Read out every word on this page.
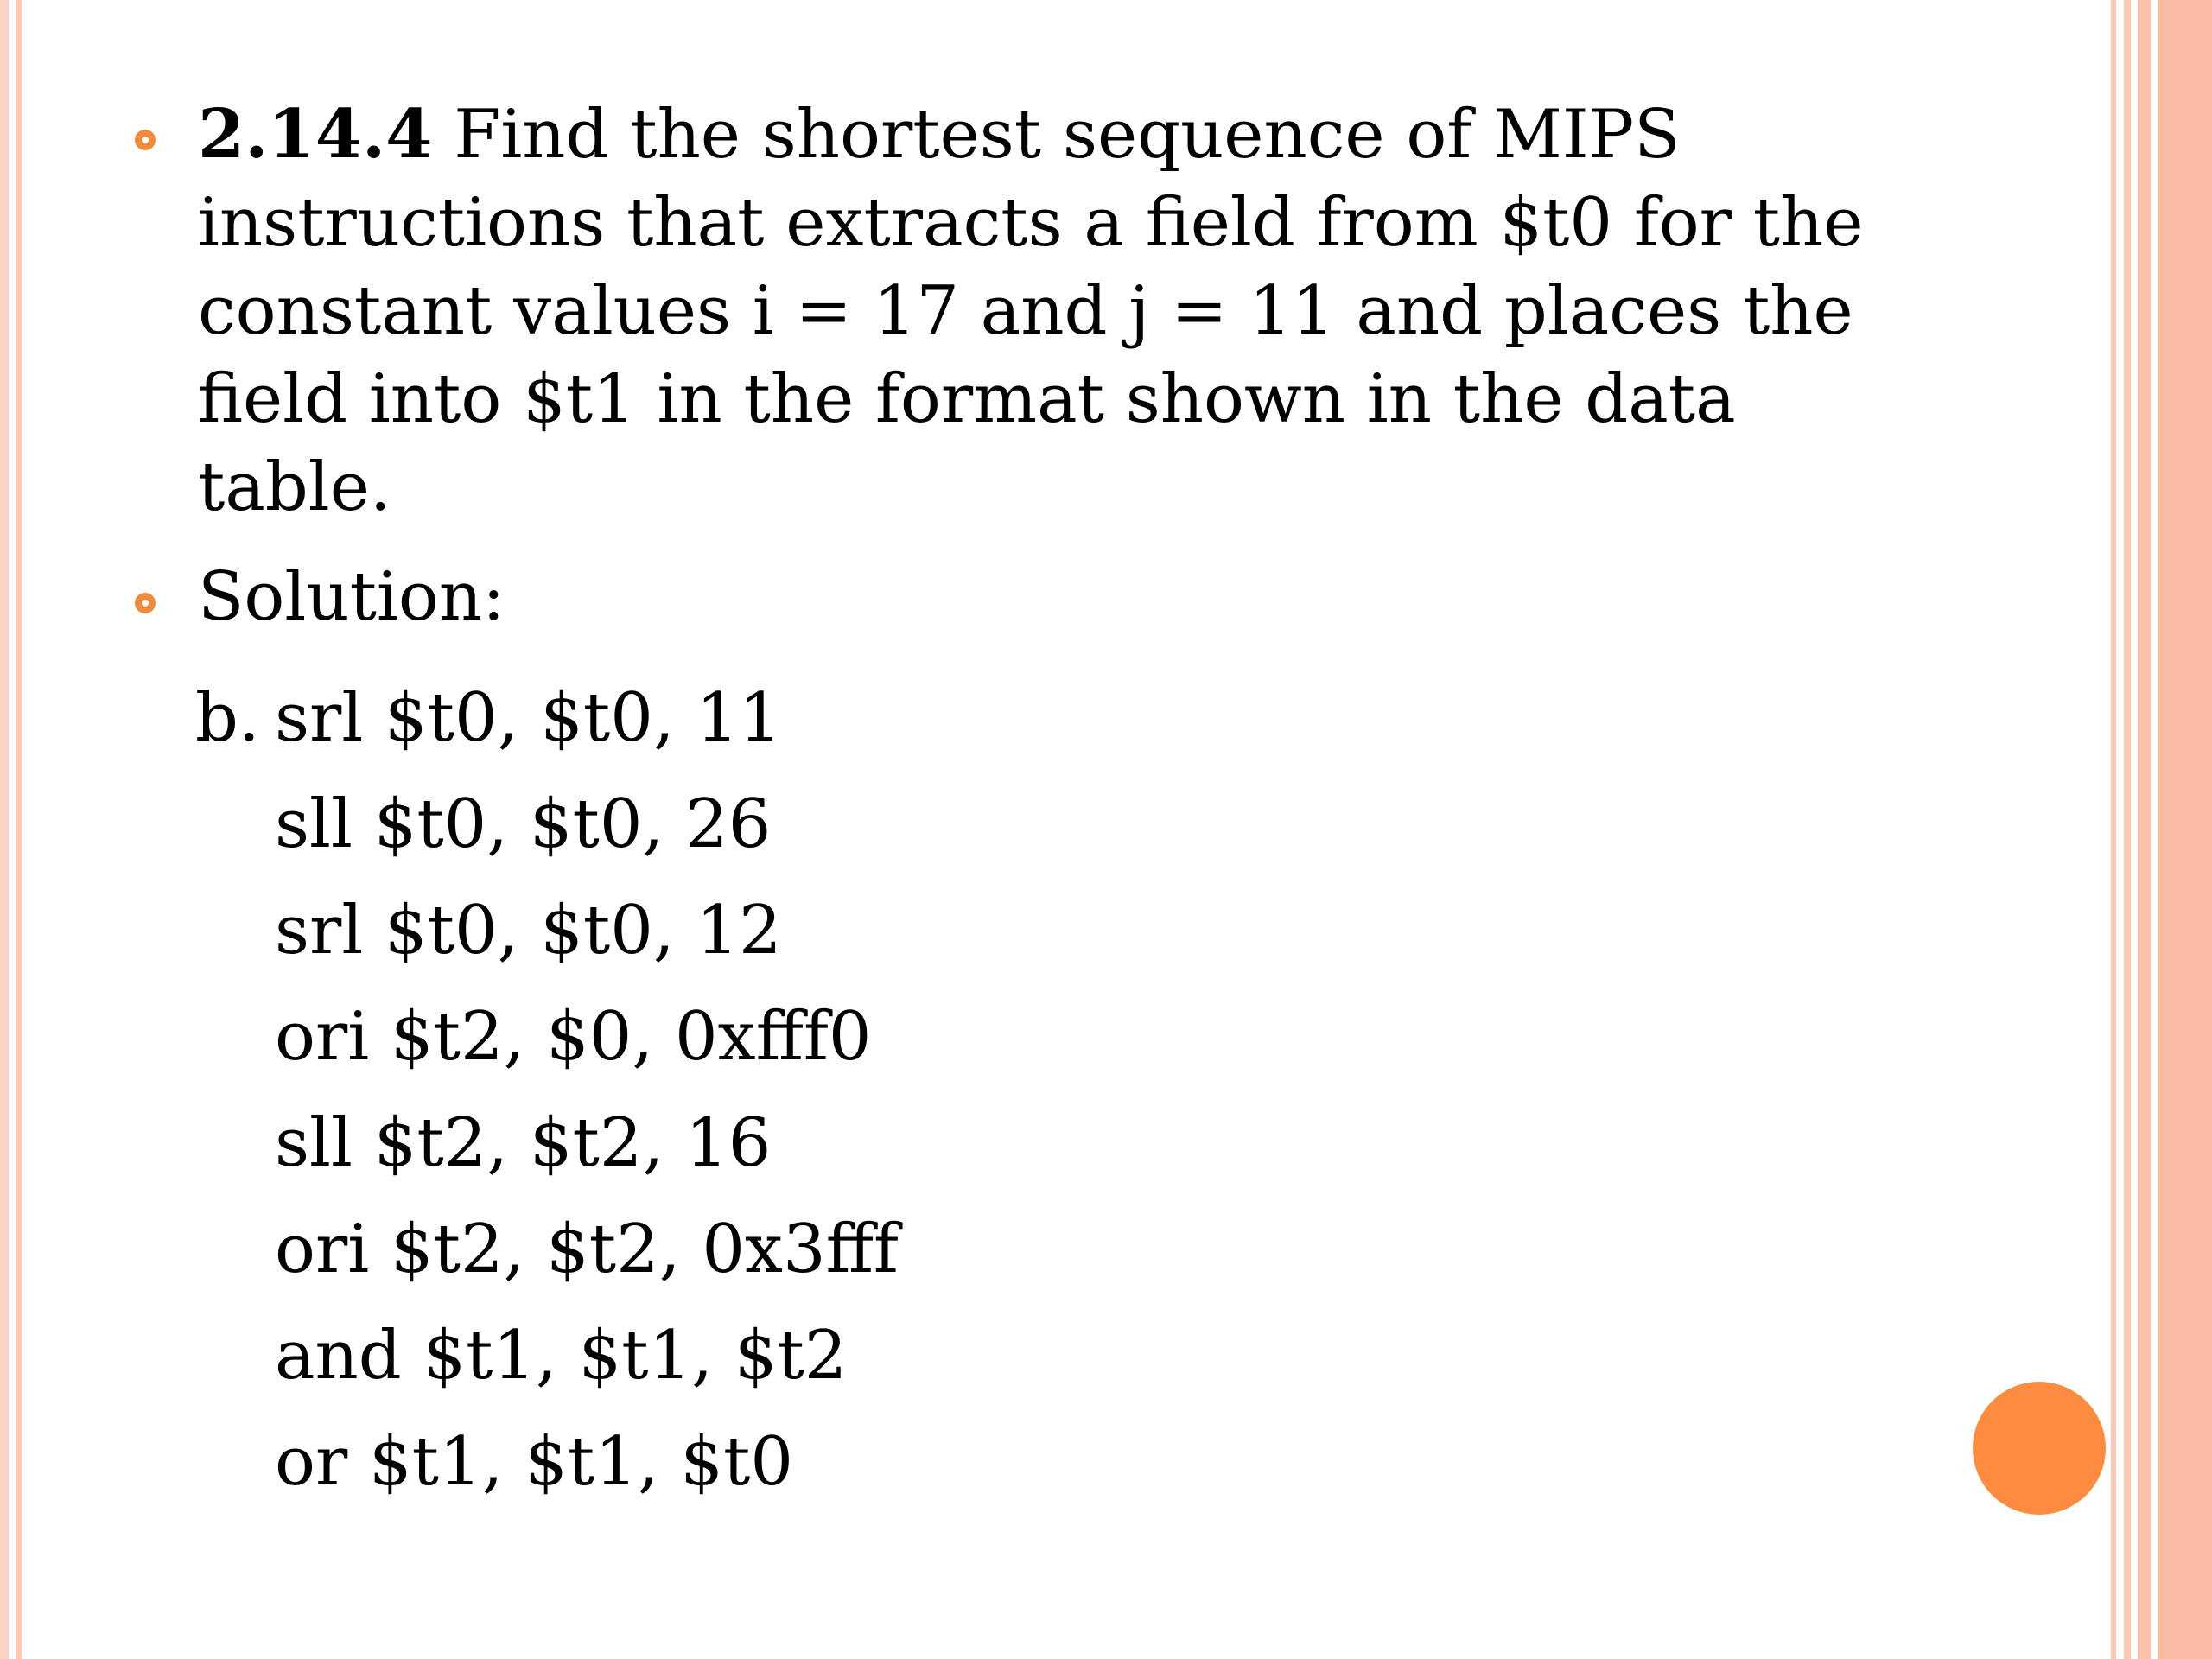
2.14.4 Find the shortest sequence of MIPS
instructions that extracts a field from $t0 for the
constant values i = 17 and j = 11 and places the
field into $t1 in the format shown in the data
table.
Solution:
b. srl $t0, $t0, 11
sll $t0, $t0, 26
srl $t0, $t0, 12
ori $t2, $0, 0xfff0
sll $t2, $t2, 16
ori $t2, $t2, 0x3fff
and $t1, $t1, $t2
or $t1, $t1, $t0
